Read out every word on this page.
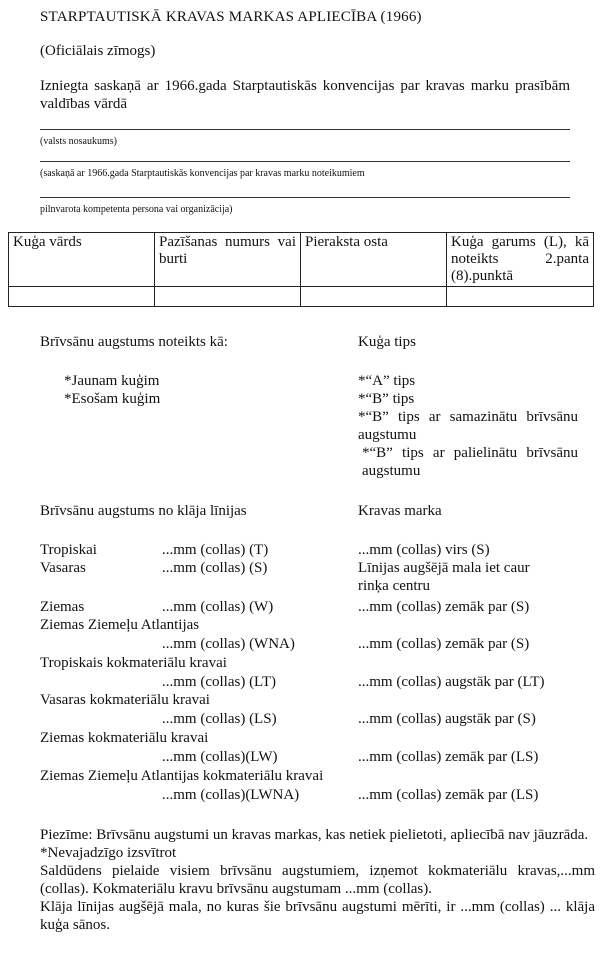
STARPTAUTISKĀ KRAVAS MARKAS APLIECĪBA (1966)
(Oficiālais zīmogs)
Izniegta saskaņā ar 1966.gada Starptautiskās konvencijas par kravas marku prasībām valdības vārdā
(valsts nosaukums)
(saskaņā ar 1966.gada Starptautiskās konvencijas par kravas marku noteikumiem
pilnvarota kompetenta persona vai organizācija)
Kuģa vārds	Pazīšanas numurs vai burti	Pieraksta osta	Kuģa garums (L), kā noteikts 2.panta (8).punktā

Brīvsānu augstums noteikts kā:
*Jaunam kuģim
*Esošam kuģim
Kuģa tips
*“A” tips
*“B” tips
*“B” tips ar samazinātu brīvsānu augstumu
*“B” tips ar palielinātu brīvsānu augstumu
Brīvsānu augstums no klāja līnijas	Kravas marka
Tropiskai	...mm (collas) (T)	...mm (collas) virs (S)
Vasaras	...mm (collas) (S)	Līnijas augšējā mala iet caur rinķa centru
Ziemas	...mm (collas) (W)	...mm (collas) zemāk par (S)
Ziemas Ziemeļu Atlantijas
...mm (collas) (WNA)	...mm (collas) zemāk par (S)
Tropiskais kokmateriālu kravai
...mm (collas) (LT)	...mm (collas) augstāk par (LT)
Vasaras kokmateriālu kravai
...mm (collas) (LS)	...mm (collas) augstāk par (S)
Ziemas kokmateriālu kravai
...mm (collas)(LW)	...mm (collas) zemāk par (LS)
Ziemas Ziemeļu Atlantijas kokmateriālu kravai
...mm (collas)(LWNA)	...mm (collas) zemāk par (LS)

Piezīme: Brīvsānu augstumi un kravas markas, kas netiek pielietoti, apliecībā nav jāuzrāda.

*Nevajadzīgo izsvītrot

Saldūdens pielaide visiem brīvsānu augstumiem, izņemot kokmateriālu kravas,...mm (collas). Kokmateriālu kravu brīvsānu augstumam ...mm (collas).

Klāja līnijas augšējā mala, no kuras šie brīvsānu augstumi mērīti, ir ...mm (collas) ... klāja kuģa sānos.
